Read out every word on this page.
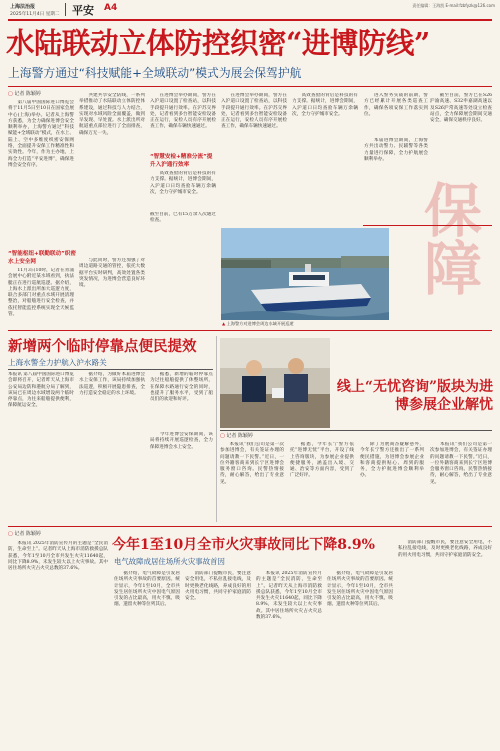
上海法治报
2025年11月4日 星期二 平安 A4	责任编辑：王海凯 E-mail:fzbfyzk@126.com
水陆联动立体防控织密“进博防线”
上海警方通过“科技赋能+全域联动”模式为展会保驾护航
▢ 记者 陈颖婷
　　第八届中国国际进口博览会将于11月5日至10日在国家会展中心(上海)举办。记者从上海警方获悉，为全力确保进博会安全顺利举办，上海警方通过“科技赋能+全域联动”模式，在水上、陆上、空中多维度织密安保网络，全面提升安保工作精准性和实效性。今年，作为主办地，上海全力打造“平安进博”，确保进博会安全有序。
“智能枢纽+联勤联动”织密水上安全网
　　11月3日10时，记者在青浦会展中心附近某水域看到，执法艇正在进行巡航巡逻。据介绍，上海水上派出所加大巡逻力度，联合多部门对重点水域开展清理整治，对船舶进行安全检查，并依托智能监控系统实现全天候监管。
　　共建共享安全防线，一系列举措推动了水陆联动立体防控体系建设，通过科技与人力结合，实现对水域风险全面覆盖，做到早发现、早处置。水上派出所对航道重点部位进行了全面排查，确保万无一失。
　　与此同时，警方还加强了对周边道路交通的管控，依托大数据平台实时研判，高效处置各类突发情况，为进博会营造良好环境。
　　在进博会举办期间，警方在入沪道口设置了检查站，以科技手段提升通行效率。在沪苏交界处，记者看到多台智能安检设备正在运行，安检人员有序开展检查工作，确保车辆快速通过。
“智慧安检+精准分流”提升入沪通行效率
　　高效查验的背后是科技的有力支撑。据统计，进博会期间，入沪道口日均查验车辆万余辆次，全力守护城市安全。
截至目前，已有15万余人次通过检查。
　　在进博会举办期间，警方在入沪道口设置了检查站，以科技手段提升通行效率。在沪苏交界处，记者看到多台智能安检设备正在运行，安检人员有序开展检查工作，确保车辆快速通过。
　　高效查验的背后是科技的有力支撑。据统计，进博会期间，入沪道口日均查验车辆万余辆次，全力守护城市安全。
　　进入警务实战的前期，警方已经累计开展各类巡查工作，确保各项安保工作落实到位。
　　本届进博会期间，上海警方共出动警力、民辅警等各类力量进行保障，全力护航展会顺利举办。
　　截至目前，警方已在S26沪渝高速、S32申嘉湖高速以及S26沪常高速等处设立检查站点，全力保障展会期间交通安全，确保交通秩序良好。
保障
▲ 上海警方对进博会周边水域开展巡逻
新增两个临时停靠点便民提效
上海水警全力护航入沪水路关
本报讯 第八届中国国际进口博览会即将召开，记者昨天从上海市公安局边防和港航分局了解到，该局已在周边水域增设两个临时停靠点，为往来船舶提供便利，保障航运安全。
　　据介绍，为做好本届进博会水上安保工作，该局持续加强执法巡逻，积极开展隐患排查，全力打造安全稳定的水上环境。
　　据悉，新增的临时停靠点为过往船舶提供了休整场所，在保障水路通行安全的同时，也提升了服务水平，受到了船员们的欢迎和好评。
　　今年进博会安保期间，该局将持续开展巡逻检查，全力保障进博会水上安全。
线上“无忧咨询”版块为进博参展企业解忧
▢ 记者 陈颖婷
　　本报讯“我们公司是第一次参加进博会，有关签证办理的问题请教一下民警。”近日，一位外籍客商来到长宁区进博会服务窗口咨询。民警热情接待，耐心解答，给出了专业意见。
　　据悉，今年长宁警方依托“进博无忧”平台，开设了线上咨询版块，为参展企业提供便捷服务，涵盖出入境、交通、治安等方面内容，受到了广泛好评。
　　除了为展商答疑解惑外，今年长宁警方还推出了一系列便民措施，为进博会参展企业和客商提供贴心、周到的服务，全力护航进博会顺利举办。
　　本报讯“我们公司是第一次参加进博会，有关签证办理的问题请教一下民警。”近日，一位外籍客商来到长宁区进博会服务窗口咨询。民警热情接待，耐心解答，给出了专业意见。
▢ 记者 陈颖婷
　　本报讯 2025年消防宣传月的主题是“全民消防，生命至上”。记者昨天从上海市消防救援总队获悉，今年1至10月全市共发生火灾11640起，同比下降8.9%，未发生较大以上火灾事故。其中居住场所火灾占火灾总数的37.6%。
今年1至10月全市火灾事故同比下降8.9%
电气故障成居住场所火灾事故首因
　　据介绍，电气故障是引发居住场所火灾事故的首要原因。统计显示，今年1至10月，全市共发生居住场所火灾中因电气原因引发的占比最高，用火不慎、吸烟、遗留火种等位列其后。
　　消防部门提醒市民，要注意安全用电，不私拉乱接电线，及时更换老化线路，养成良好的用火用电习惯，共同守护家庭消防安全。
　　本报讯 2025年消防宣传月的主题是“全民消防，生命至上”。记者昨天从上海市消防救援总队获悉，今年1至10月全市共发生火灾11640起，同比下降8.9%，未发生较大以上火灾事故。其中居住场所火灾占火灾总数的37.6%。
　　据介绍，电气故障是引发居住场所火灾事故的首要原因。统计显示，今年1至10月，全市共发生居住场所火灾中因电气原因引发的占比最高，用火不慎、吸烟、遗留火种等位列其后。
　　消防部门提醒市民，要注意安全用电，不私拉乱接电线，及时更换老化线路，养成良好的用火用电习惯，共同守护家庭消防安全。
